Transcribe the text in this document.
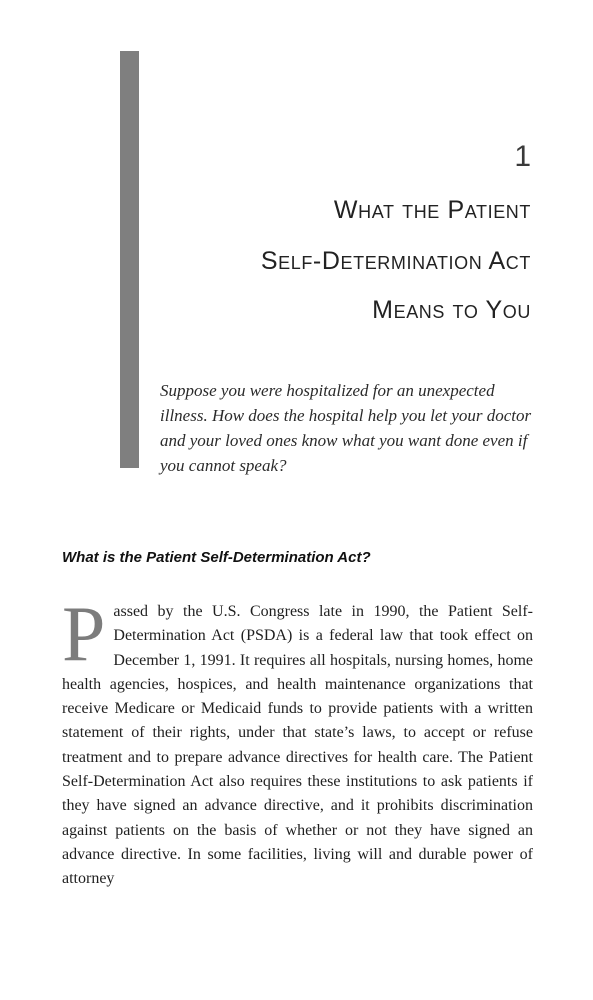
1
What the Patient
Self-Determination Act
Means to You

Suppose you were hospitalized for an unexpected illness. How does the hospital help you let your doctor and your loved ones know what you want done even if you cannot speak?

What is the Patient Self-Determination Act?
P assed by the U.S. Congress late in 1990, the Patient Self-Determination Act (PSDA) is a federal law that took effect on December 1, 1991. It requires all hospitals, nursing homes, home health agencies, hospices, and health maintenance organizations that receive Medicare or Medicaid funds to provide patients with a written statement of their rights, under that state’s laws, to accept or refuse treatment and to prepare advance directives for health care. The Patient Self-Determination Act also requires these institutions to ask patients if they have signed an advance directive, and it prohibits discrimination against patients on the basis of whether or not they have signed an advance directive. In some facilities, living will and durable power of attorney
